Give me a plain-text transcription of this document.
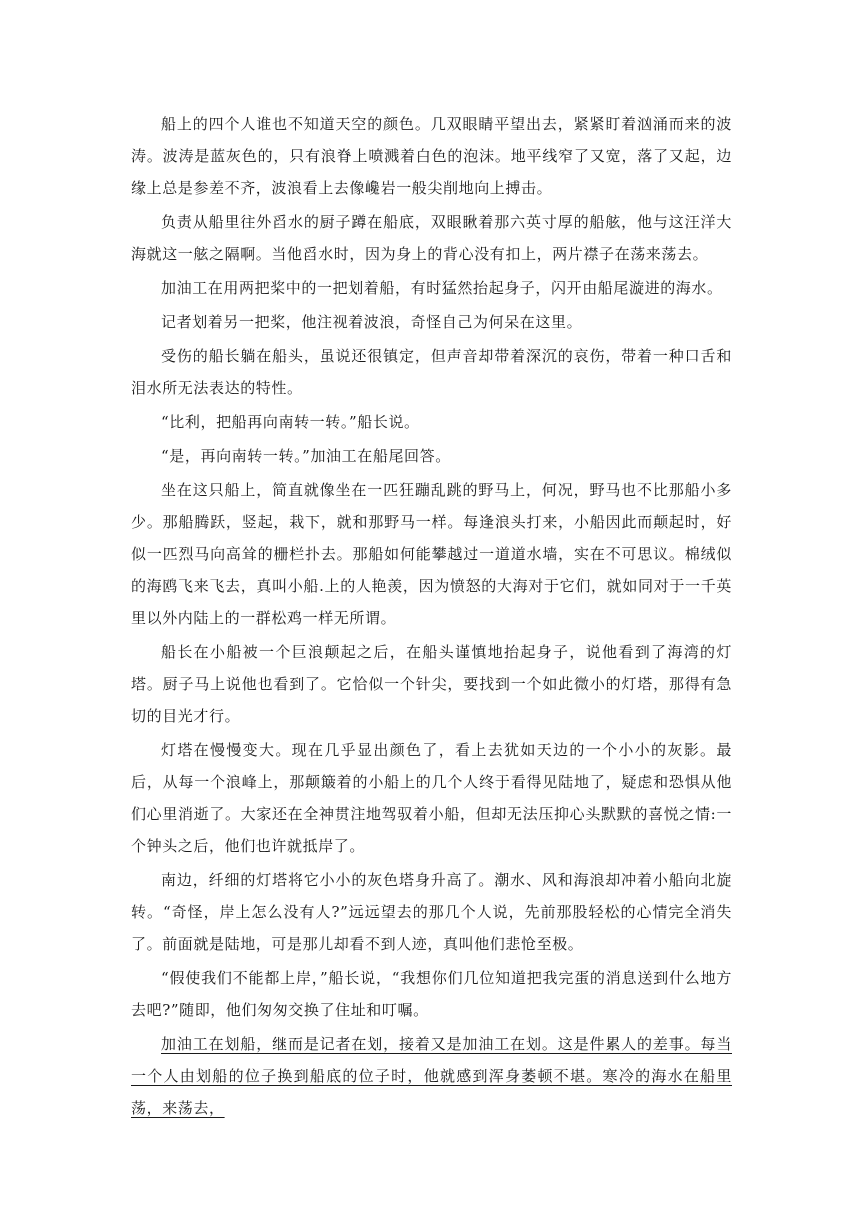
船上的四个人谁也不知道天空的颜色。几双眼睛平望出去，紧紧盯着汹涌而来的波涛。波涛是蓝灰色的，只有浪脊上喷溅着白色的泡沫。地平线窄了又宽，落了又起，边缘上总是参差不齐，波浪看上去像巉岩一般尖削地向上搏击。

负责从船里往外舀水的厨子蹲在船底，双眼瞅着那六英寸厚的船舷，他与这汪洋大海就这一舷之隔啊。当他舀水时，因为身上的背心没有扣上，两片襟子在荡来荡去。

加油工在用两把桨中的一把划着船，有时猛然抬起身子，闪开由船尾漩进的海水。

记者划着另一把桨，他注视着波浪，奇怪自己为何呆在这里。

受伤的船长躺在船头，虽说还很镇定，但声音却带着深沉的哀伤，带着一种口舌和泪水所无法表达的特性。

“比利，把船再向南转一转。”船长说。

“是，再向南转一转。”加油工在船尾回答。

坐在这只船上，简直就像坐在一匹狂蹦乱跳的野马上，何况，野马也不比那船小多少。那船腾跃，竖起，栽下，就和那野马一样。每逢浪头打来，小船因此而颠起时，好似一匹烈马向高耸的栅栏扑去。那船如何能攀越过一道道水墙，实在不可思议。棉绒似的海鸥飞来飞去，真叫小船.上的人艳羡，因为愤怒的大海对于它们，就如同对于一千英里以外内陆上的一群松鸡一样无所谓。

船长在小船被一个巨浪颠起之后，在船头谨慎地抬起身子，说他看到了海湾的灯塔。厨子马上说他也看到了。它恰似一个针尖，要找到一个如此微小的灯塔，那得有急切的目光才行。

灯塔在慢慢变大。现在几乎显出颜色了，看上去犹如天边的一个小小的灰影。最后，从每一个浪峰上，那颠簸着的小船上的几个人终于看得见陆地了，疑虑和恐惧从他们心里消逝了。大家还在全神贯注地驾驭着小船，但却无法压抑心头默默的喜悦之情:一个钟头之后，他们也许就抵岸了。

南边，纤细的灯塔将它小小的灰色塔身升高了。潮水、风和海浪却冲着小船向北旋转。“奇怪，岸上怎么没有人?”远远望去的那几个人说，先前那股轻松的心情完全消失了。前面就是陆地，可是那儿却看不到人迹，真叫他们悲怆至极。

“假使我们不能都上岸，”船长说，“我想你们几位知道把我完蛋的消息送到什么地方去吧?”随即，他们匆匆交换了住址和叮嘱。

加油工在划船，继而是记者在划，接着又是加油工在划。这是件累人的差事。每当一个人由划船的位子换到船底的位子时，他就感到浑身萎顿不堪。寒冷的海水在船里荡，来荡去，
